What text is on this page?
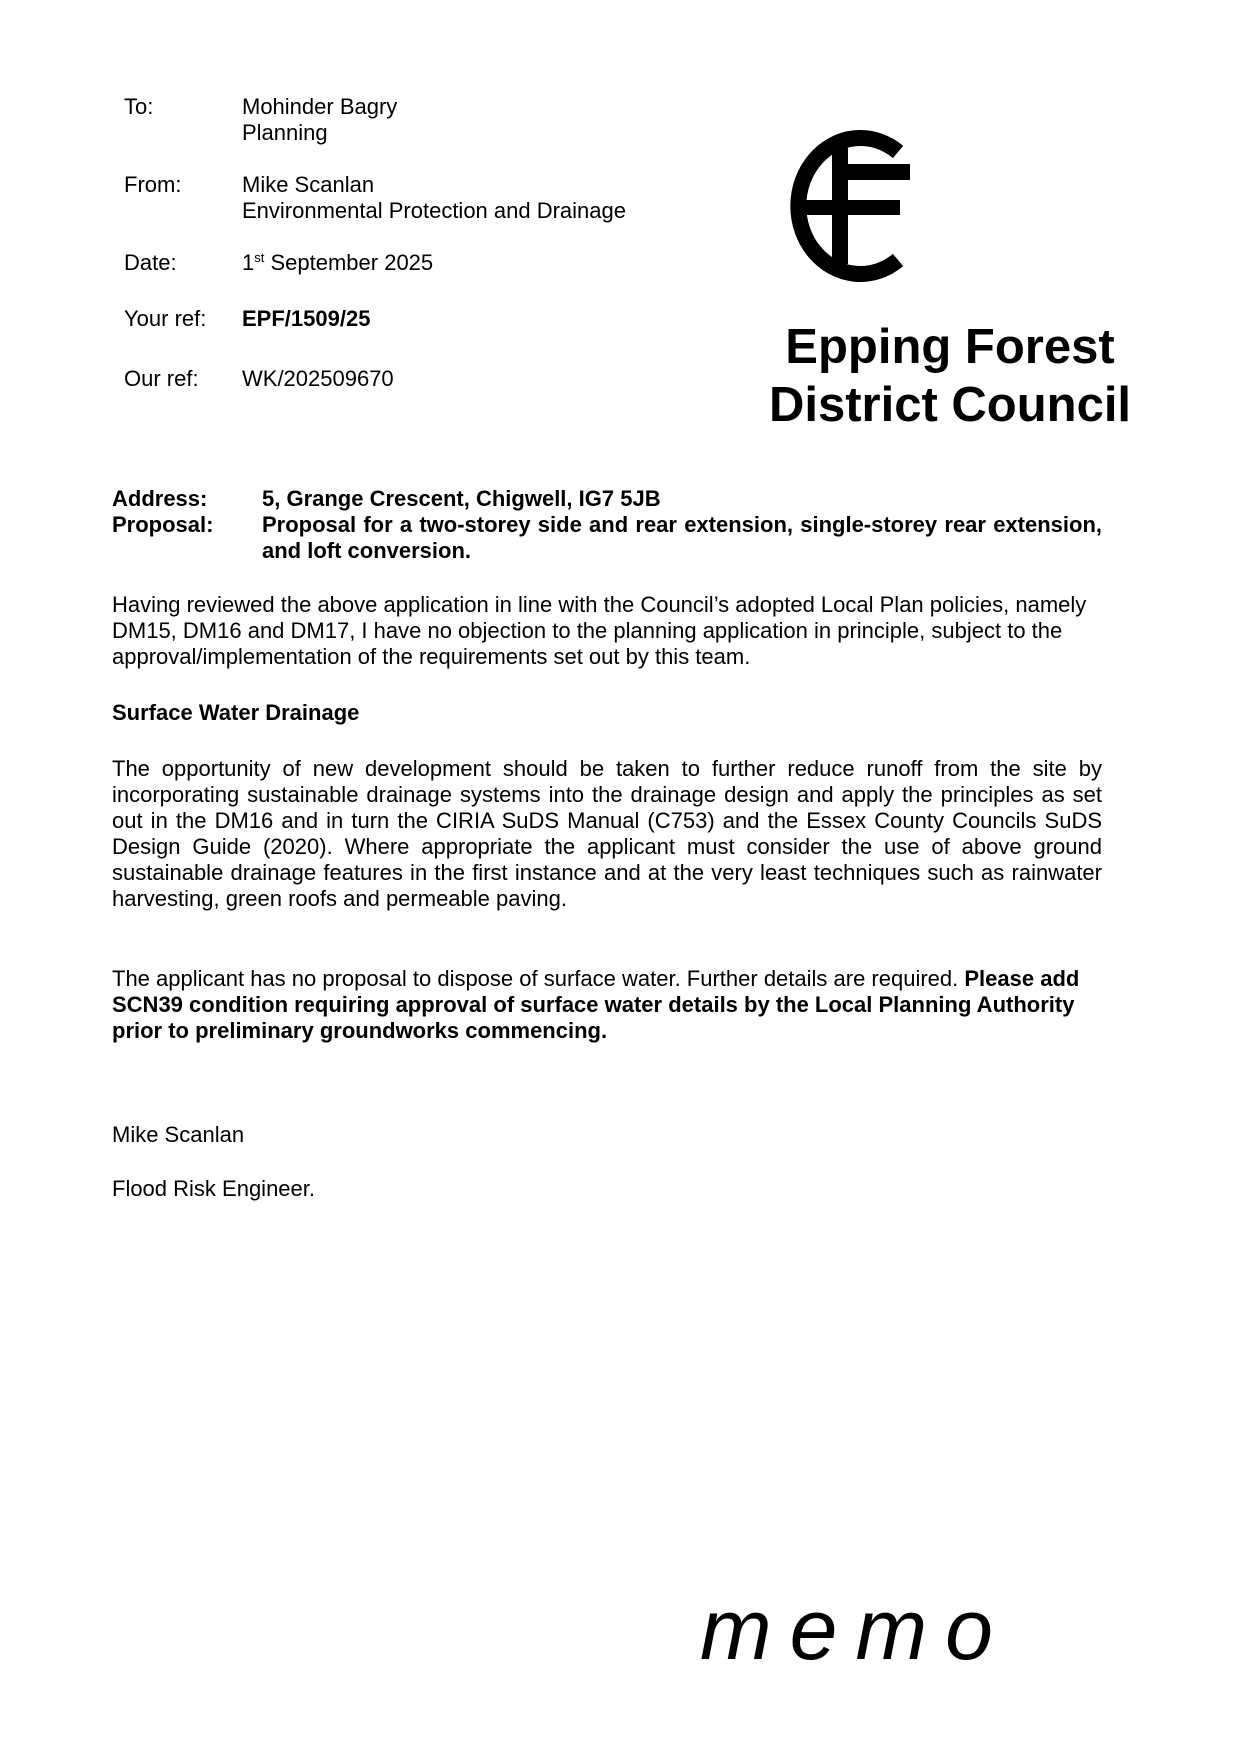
To:	Mohinder Bagry
Planning
From:	Mike Scanlan
Environmental Protection and Drainage
Date:	1st September 2025
Your ref:	EPF/1509/25
Our ref:	WK/202509670
Epping Forest
District Council
Address: 5, Grange Crescent, Chigwell, IG7 5JB
Proposal: Proposal for a two-storey side and rear extension, single-storey rear extension, and loft conversion.

Having reviewed the above application in line with the Council’s adopted Local Plan policies, namely DM15, DM16 and DM17, I have no objection to the planning application in principle, subject to the approval/implementation of the requirements set out by this team.

Surface Water Drainage

The opportunity of new development should be taken to further reduce runoff from the site by incorporating sustainable drainage systems into the drainage design and apply the principles as set out in the DM16 and in turn the CIRIA SuDS Manual (C753) and the Essex County Councils SuDS Design Guide (2020). Where appropriate the applicant must consider the use of above ground sustainable drainage features in the first instance and at the very least techniques such as rainwater harvesting, green roofs and permeable paving.

The applicant has no proposal to dispose of surface water. Further details are required. Please add SCN39 condition requiring approval of surface water details by the Local Planning Authority prior to preliminary groundworks commencing.

Mike Scanlan

Flood Risk Engineer.

memo
